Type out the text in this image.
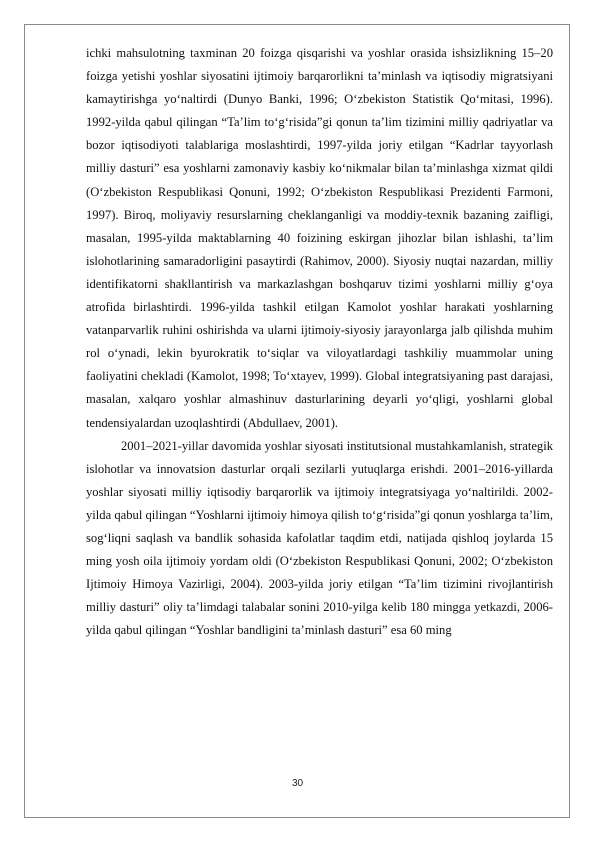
ichki mahsulotning taxminan 20 foizga qisqarishi va yoshlar orasida ishsizlikning 15–20 foizga yetishi yoshlar siyosatini ijtimoiy barqarorlikni ta’minlash va iqtisodiy migratsiyani kamaytirishga yo‘naltirdi (Dunyo Banki, 1996; O‘zbekiston Statistik Qo‘mitasi, 1996). 1992-yilda qabul qilingan “Ta’lim to‘g‘risida”gi qonun ta’lim tizimini milliy qadriyatlar va bozor iqtisodiyoti talablariga moslashtirdi, 1997-yilda joriy etilgan “Kadrlar tayyorlash milliy dasturi” esa yoshlarni zamonaviy kasbiy ko‘nikmalar bilan ta’minlashga xizmat qildi (O‘zbekiston Respublikasi Qonuni, 1992; O‘zbekiston Respublikasi Prezidenti Farmoni, 1997). Biroq, moliyaviy resurslarning cheklanganligi va moddiy-texnik bazaning zaifligi, masalan, 1995-yilda maktablarning 40 foizining eskirgan jihozlar bilan ishlashi, ta’lim islohotlarining samaradorligini pasaytirdi (Rahimov, 2000). Siyosiy nuqtai nazardan, milliy identifikatorni shakllantirish va markazlashgan boshqaruv tizimi yoshlarni milliy g‘oya atrofida birlashtirdi. 1996-yilda tashkil etilgan Kamolot yoshlar harakati yoshlarning vatanparvarlik ruhini oshirishda va ularni ijtimoiy-siyosiy jarayonlarga jalb qilishda muhim rol o‘ynadi, lekin byurokratik to‘siqlar va viloyatlardagi tashkiliy muammolar uning faoliyatini chekladi (Kamolot, 1998; To‘xtayev, 1999). Global integratsiyaning past darajasi, masalan, xalqaro yoshlar almashinuv dasturlarining deyarli yo‘qligi, yoshlarni global tendensiyalardan uzoqlashtirdi (Abdullaev, 2001).

2001–2021-yillar davomida yoshlar siyosati institutsional mustahkamlanish, strategik islohotlar va innovatsion dasturlar orqali sezilarli yutuqlarga erishdi. 2001–2016-yillarda yoshlar siyosati milliy iqtisodiy barqarorlik va ijtimoiy integratsiyaga yo‘naltirildi. 2002-yilda qabul qilingan “Yoshlarni ijtimoiy himoya qilish to‘g‘risida”gi qonun yoshlarga ta’lim, sog‘liqni saqlash va bandlik sohasida kafolatlar taqdim etdi, natijada qishloq joylarda 15 ming yosh oila ijtimoiy yordam oldi (O‘zbekiston Respublikasi Qonuni, 2002; O‘zbekiston Ijtimoiy Himoya Vazirligi, 2004). 2003-yilda joriy etilgan “Ta’lim tizimini rivojlantirish milliy dasturi” oliy ta’limdagi talabalar sonini 2010-yilga kelib 180 mingga yetkazdi, 2006-yilda qabul qilingan “Yoshlar bandligini ta’minlash dasturi” esa 60 ming

30
